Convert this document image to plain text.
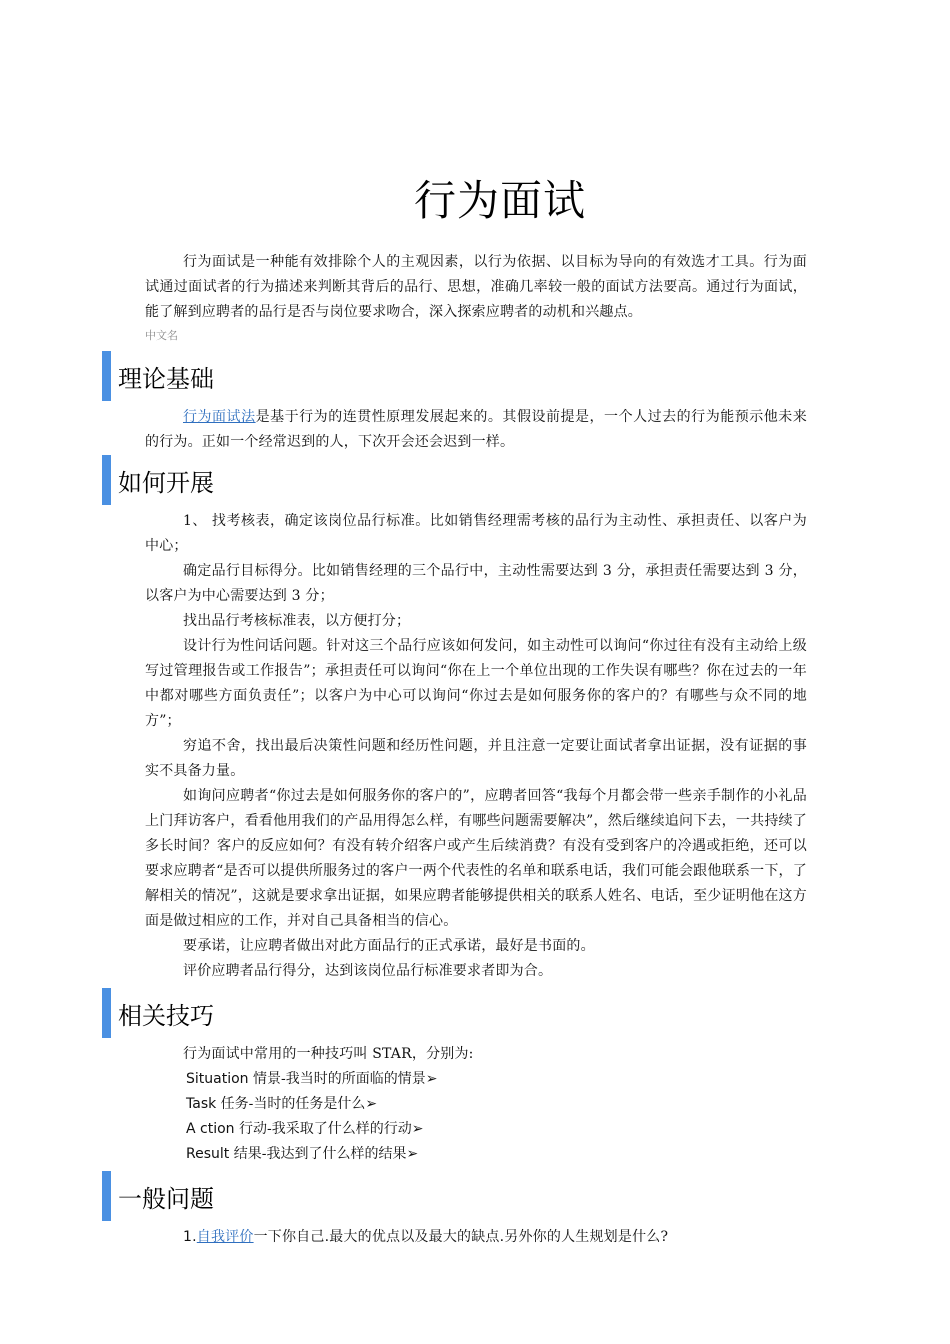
行为面试

行为面试是一种能有效排除个人的主观因素，以行为依据、以目标为导向的有效选才工具。行为面试通过面试者的行为描述来判断其背后的品行、思想，准确几率较一般的面试方法要高。通过行为面试，能了解到应聘者的品行是否与岗位要求吻合，深入探索应聘者的动机和兴趣点。

中文名

理论基础

行为面试法是基于行为的连贯性原理发展起来的。其假设前提是，一个人过去的行为能预示他未来的行为。正如一个经常迟到的人，下次开会还会迟到一样。

如何开展

1、 找考核表，确定该岗位品行标准。比如销售经理需考核的品行为主动性、承担责任、以客户为中心；

确定品行目标得分。比如销售经理的三个品行中，主动性需要达到 3 分，承担责任需要达到 3 分，以客户为中心需要达到 3 分；

找出品行考核标准表，以方便打分；

设计行为性问话问题。针对这三个品行应该如何发问，如主动性可以询问“你过往有没有主动给上级写过管理报告或工作报告”；承担责任可以询问“你在上一个单位出现的工作失误有哪些？你在过去的一年中都对哪些方面负责任”；以客户为中心可以询问“你过去是如何服务你的客户的？有哪些与众不同的地方”；

穷追不舍，找出最后决策性问题和经历性问题，并且注意一定要让面试者拿出证据，没有证据的事实不具备力量。

如询问应聘者“你过去是如何服务你的客户的”，应聘者回答“我每个月都会带一些亲手制作的小礼品上门拜访客户，看看他用我们的产品用得怎么样，有哪些问题需要解决”，然后继续追问下去，一共持续了多长时间？客户的反应如何？有没有转介绍客户或产生后续消费？有没有受到客户的冷遇或拒绝，还可以要求应聘者“是否可以提供所服务过的客户一两个代表性的名单和联系电话，我们可能会跟他联系一下，了解相关的情况”，这就是要求拿出证据，如果应聘者能够提供相关的联系人姓名、电话，至少证明他在这方面是做过相应的工作，并对自己具备相当的信心。

要承诺，让应聘者做出对此方面品行的正式承诺，最好是书面的。

评价应聘者品行得分，达到该岗位品行标准要求者即为合。

相关技巧

行为面试中常用的一种技巧叫 STAR，分别为:

Situation 情景-我当时的所面临的情景➢

Task 任务-当时的任务是什么➢

A ction 行动-我采取了什么样的行动➢

Result 结果-我达到了什么样的结果➢

一般问题

1.自我评价一下你自己.最大的优点以及最大的缺点.另外你的人生规划是什么?
